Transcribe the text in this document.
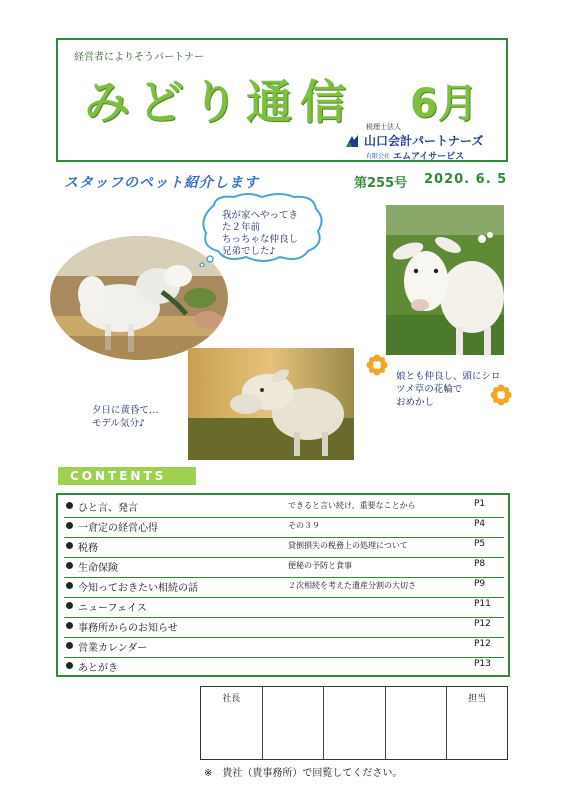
経営者によりそうパートナー
みどり通信 6月
税理士法人
山口会計パートナーズ
有限会社 エムアイサービス
スタッフのペット紹介します	第255号 2020. 6. 5
我が家へやってき
た２年前
ちっちゃな仲良し
兄弟でした♪
夕日に黄昏て…
モデル気分♪
娘とも仲良し、頭にシロ
ツメ草の花輪で
おめかし
CONTENTS
ひと言、発言	できると言い続け、重要なことから	P1
一倉定の経営心得	その３９	P4
税務	貸倒損失の税務上の処理について	P5
生命保険	便秘の予防と食事	P8
今知っておきたい相続の話	２次相続を考えた遺産分割の大切さ	P9
ニューフェイス	P11
事務所からのお知らせ	P12
営業カレンダー	P12
あとがき	P13
社長	担当
※　貴社（貴事務所）で回覧してください。
